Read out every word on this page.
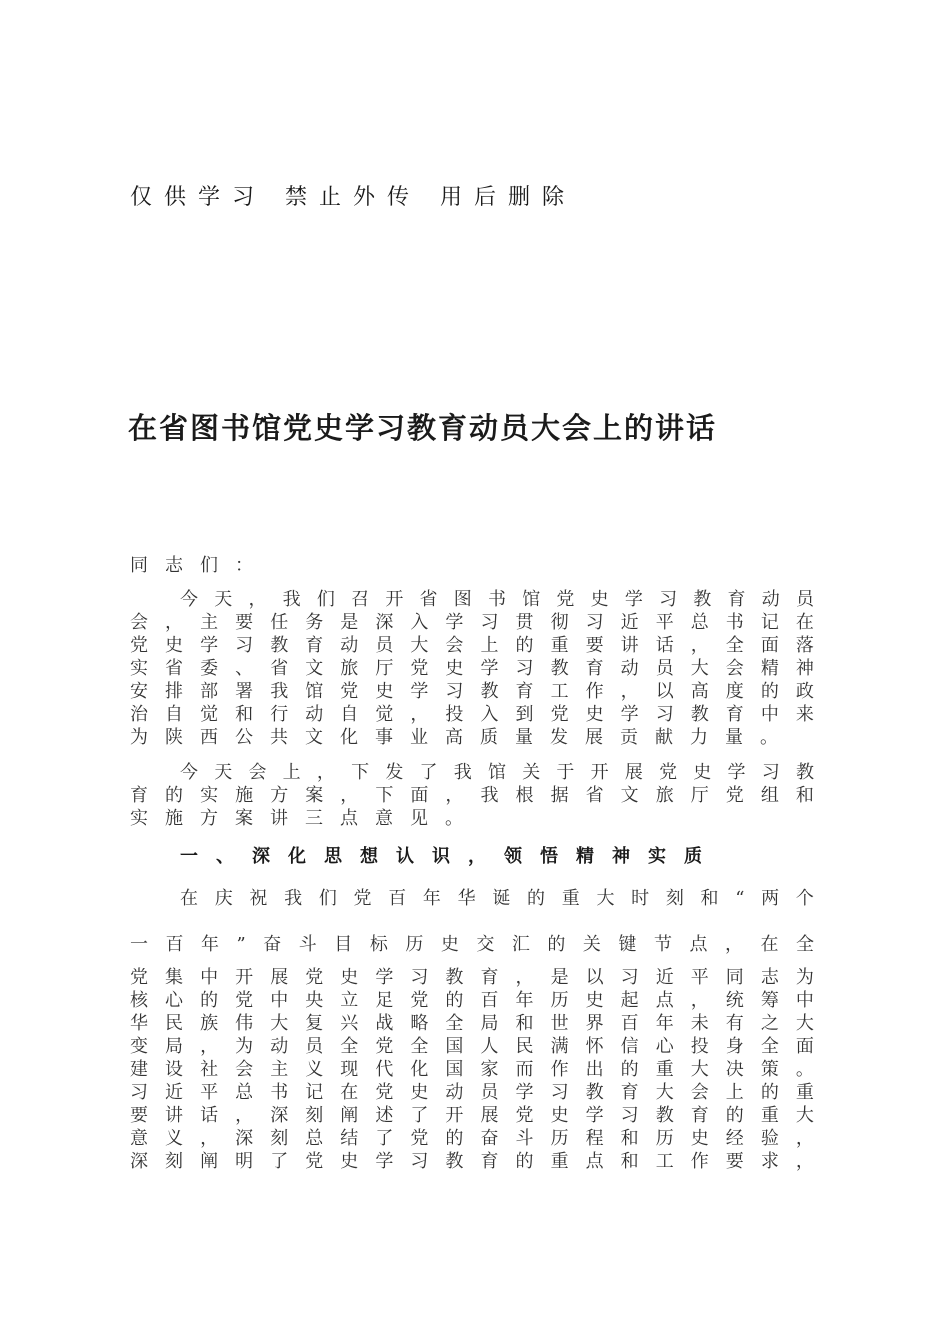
仅供学习 禁止外传 用后删除
在省图书馆党史学习教育动员大会上的讲话
同 志 们 ：
今 天 ， 我 们 召 开 省 图 书 馆 党 史 学 习 教 育 动 员
会 ， 主 要 任 务 是 深 入 学 习 贯 彻 习 近 平 总 书 记 在
党 史 学 习 教 育 动 员 大 会 上 的 重 要 讲 话 ， 全 面 落
实 省 委 、 省 文 旅 厅 党 史 学 习 教 育 动 员 大 会 精 神
安 排 部 署 我 馆 党 史 学 习 教 育 工 作 ， 以 高 度 的 政
治 自 觉 和 行 动 自 觉 ， 投 入 到 党 史 学 习 教 育 中 来
为 陕 西 公 共 文 化 事 业 高 质 量 发 展 贡 献 力 量 。
今 天 会 上 ， 下 发 了 我 馆 关 于 开 展 党 史 学 习 教
育 的 实 施 方 案 ， 下 面 ， 我 根 据 省 文 旅 厅 党 组 和
实 施 方 案 讲 三 点 意 见 。
一、深化思想认识，领悟精神实质
在 庆 祝 我 们 党 百 年 华 诞 的 重 大 时 刻 和 “ 两 个
一 百 年 ” 奋 斗 目 标 历 史 交 汇 的 关 键 节 点 ， 在 全
党 集 中 开 展 党 史 学 习 教 育 ， 是 以 习 近 平 同 志 为
核 心 的 党 中 央 立 足 党 的 百 年 历 史 起 点 ， 统 筹 中
华 民 族 伟 大 复 兴 战 略 全 局 和 世 界 百 年 未 有 之 大
变 局 ， 为 动 员 全 党 全 国 人 民 满 怀 信 心 投 身 全 面
建 设 社 会 主 义 现 代 化 国 家 而 作 出 的 重 大 决 策 。
习 近 平 总 书 记 在 党 史 动 员 学 习 教 育 大 会 上 的 重
要 讲 话 ， 深 刻 阐 述 了 开 展 党 史 学 习 教 育 的 重 大
意 义 ， 深 刻 总 结 了 党 的 奋 斗 历 程 和 历 史 经 验 ，
深 刻 阐 明 了 党 史 学 习 教 育 的 重 点 和 工 作 要 求 ，
